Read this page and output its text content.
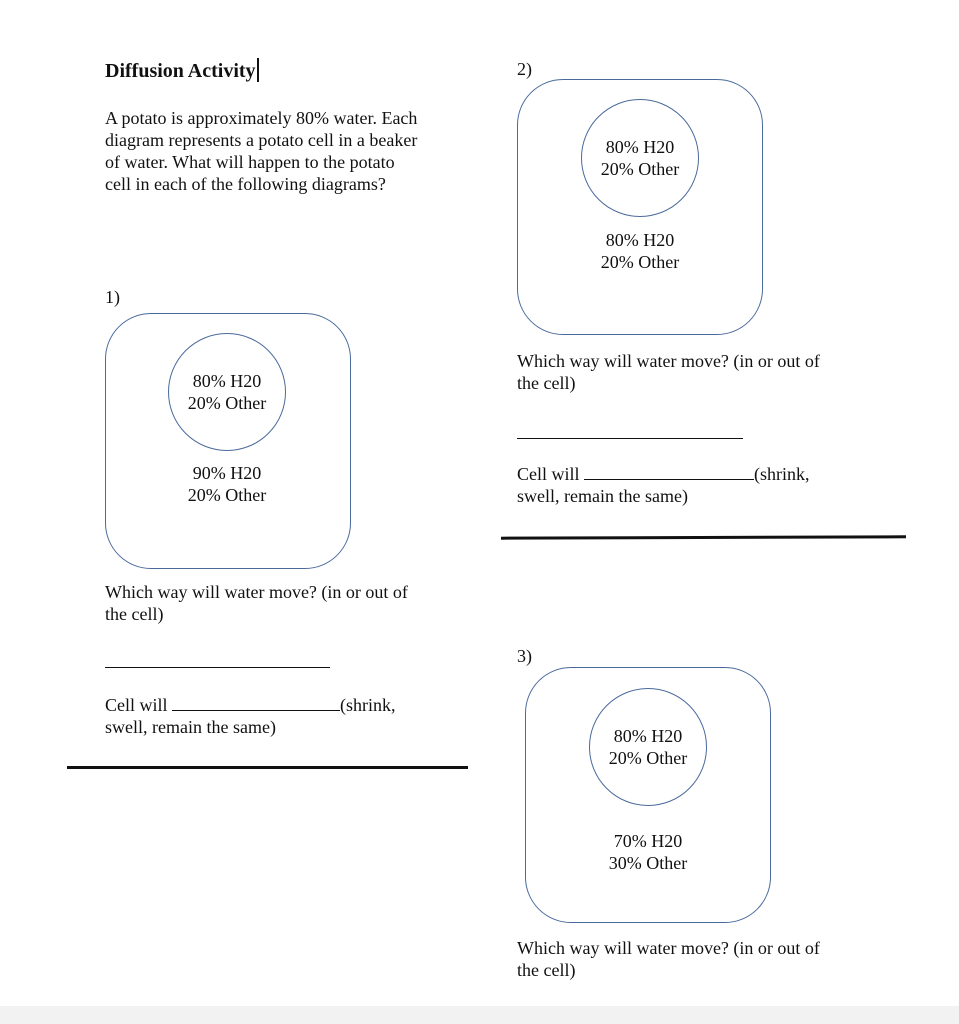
Diffusion Activity
A potato is approximately 80% water. Each
diagram represents a potato cell in a beaker
of water. What will happen to the potato
cell in each of the following diagrams?
1)
80% H20
20% Other
90% H20
20% Other
Which way will water move? (in or out of
the cell)
Cell will	(shrink,
swell, remain the same)
2)
80% H20
20% Other
80% H20
20% Other
Which way will water move? (in or out of
the cell)
Cell will	(shrink,
swell, remain the same)
3)
80% H20
20% Other
70% H20
30% Other
Which way will water move? (in or out of
the cell)
